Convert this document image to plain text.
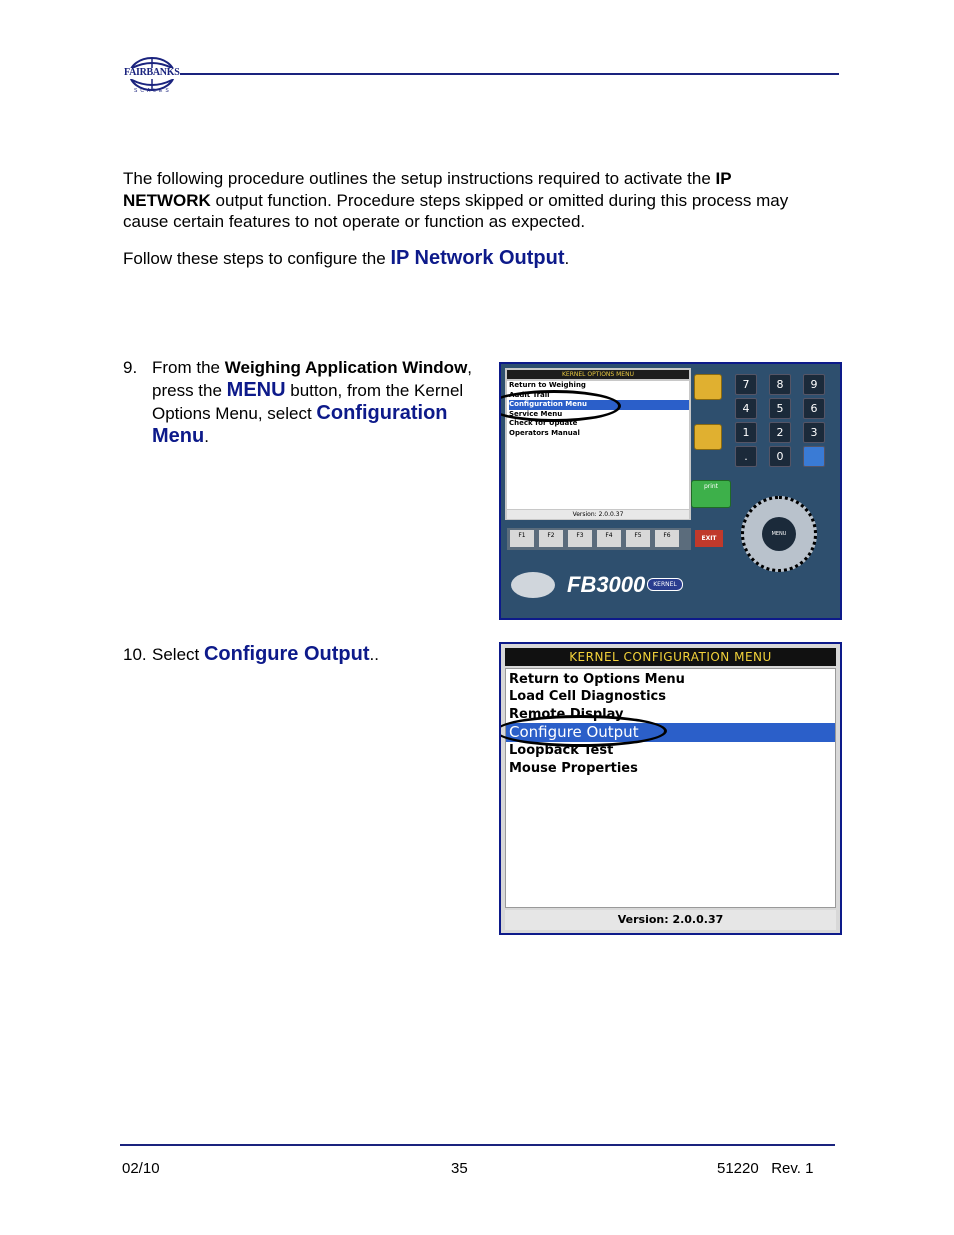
FAIRBANKS
SCALES
The following procedure outlines the setup instructions required to activate the IP NETWORK output function. Procedure steps skipped or omitted during this process may cause certain features to not operate or function as expected.
Follow these steps to configure the IP Network Output.
9. From the Weighing Application Window, press the MENU button, from the Kernel Options Menu, select Configuration Menu.
KERNEL OPTIONS MENU
Return to Weighing
Audit Trail
Configuration Menu
Service Menu
Check for Update
Operators Manual
Version: 2.0.0.37
print
7	8	9
4	5	6
1	2	3
.	0
F1	F2	F3	F4	F5	F6	EXIT
MENU
FB3000	KERNEL
10. Select Configure Output..	KERNEL CONFIGURATION MENU
Return to Options Menu
Load Cell Diagnostics
Remote Display
Configure Output
Loopback Test
Mouse Properties
Version: 2.0.0.37
02/10	35	51220   Rev. 1
